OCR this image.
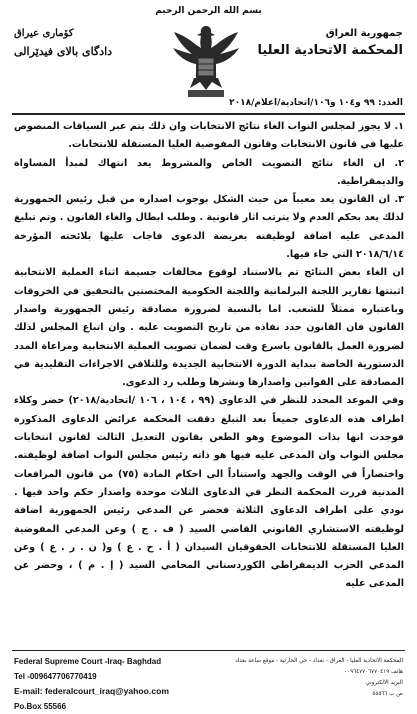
بسم الله الرحمن الرحيم
جمهورية العراق
المحكمة الاتحادية العليا
كۆماری عیراق
دادگای بالای فیدێرالی
العدد: ٩٩ و١٠٤ و١٠٦/اتحادية/اعلام/٢٠١٨

١. لا يجوز لمجلس النواب الغاء نتائج الانتخابات وان ذلك يتم عبر السياقات المنصوص عليها في قانون الانتخابات وقانون المفوضية العليا المستقلة للانتخابات.

٢. ان الغاء نتائج التصويت الخاص والمشروط يعد انتهاك لمبدأ المساواة والديمقراطية.

٣. ان القانون يعد معيباً من حيث الشكل بوجوب اصداره من قبل رئيس الجمهورية لذلك يعد بحكم العدم ولا يترتب اثار قانونية . وطلب ابطال والغاء القانون . وتم تبليغ المدعى عليه اضافة لوظيفته بعريضة الدعوى فاجاب عليها بلائحته المؤرخة ٢٠١٨/٦/١٤ التي جاء فيها.

ان الغاء بعض النتائج تم بالاستناد لوقوع مخالفات جسيمة اثناء العملية الانتخابية اثبتتها تقارير اللجنة البرلمانية واللجنة الحكومية المختصتين بالتحقيق في الخروقات وباعتباره ممثلاً للشعب. اما بالنسبة لضرورة مصادقة رئيس الجمهورية واصدار القانون فان القانون حدد نفاذه من تاريخ التصويت عليه . وان اتباع المجلس لذلك لضرورة العمل بالقانون باسرع وقت لضمان تصويب العملية الانتخابية ومراعاة المدد الدستورية الخاصة ببداية الدورة الانتخابية الجديدة وللتلافي الاجراءات التقليدية في المصادقة على القوانين واصدارها ونشرها وطلب رد الدعوى.

وفي الموعد المحدد للنظر في الدعاوى (٩٩ ، ١٠٤ ، ١٠٦ /اتحادية/٢٠١٨) حضر وكلاء اطراف هذه الدعاوى جميعاً بعد التبلغ دققت المحكمة عرائض الدعاوى المذكورة فوجدت انها بذات الموضوع وهو الطعن بقانون التعديل الثالث لقانون انتخابات مجلس النواب وان المدعى عليه فيها هو ذاته رئيس مجلس النواب اضافة لوظيفته. واختصاراً في الوقت والجهد واستناداً الى احكام المادة (٧٥) من قانون المرافعات المدنية قررت المحكمة النظر في الدعاوى الثلاث موحدة واصدار حكم واحد فيها . نودي على اطراف الدعاوى الثلاثة فحضر عن المدعي رئيس الجمهورية اضافة لوظيفته الاستشاري القانوني القاضي السيد ( ف . ج ) وعن المدعي المفوضية العليا المستقلة للانتخابات الحقوقيان السيدان ( أ . ح . ع ) و( ن . ر . ع ) وعن المدعي الحزب الديمقراطي الكوردستاني المحامي السيد ( إ . م ) ، وحضر عن المدعى عليه

Federal Supreme Court -Iraq- Baghdad
Tel -009647706770419
E-mail: federalcourt_iraq@yahoo.com
Po.Box 55566
المحكمة الاتحادية العليا - العراق - بغداد - حي الحارثية - موقع ساعة بغداد
هاتف ٠٠٩٦٤٧٧٠٦٧٧٠٤١٩
البريد الالكتروني
ص ب ٥٥٥٦٦
